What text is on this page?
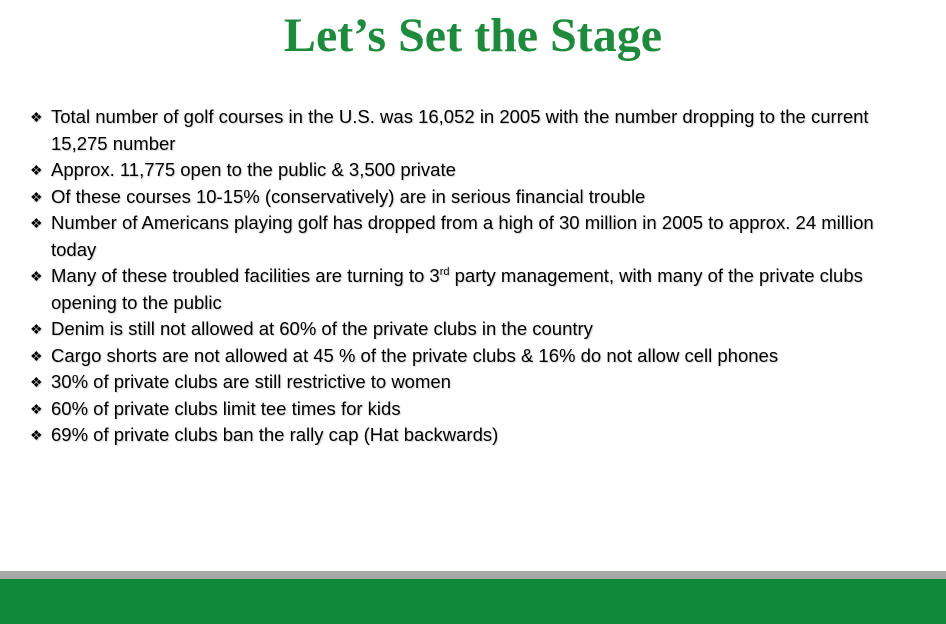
Let’s Set the Stage
❖ Total number of golf courses in the U.S. was 16,052 in 2005 with the number dropping to the current 15,275 number
❖ Approx. 11,775 open to the public & 3,500 private
❖ Of these courses 10-15% (conservatively) are in serious financial trouble
❖ Number of Americans playing golf has dropped from a high of 30 million in 2005 to approx. 24 million today
❖ Many of these troubled facilities are turning to 3rd party management, with many of the private clubs opening to the public
❖ Denim is still not allowed at 60% of the private clubs in the country
❖ Cargo shorts are not allowed at 45 % of the private clubs & 16% do not allow cell phones
❖ 30% of private clubs are still restrictive to women
❖ 60% of private clubs limit tee times for kids
❖ 69% of private clubs ban the rally cap (Hat backwards)
